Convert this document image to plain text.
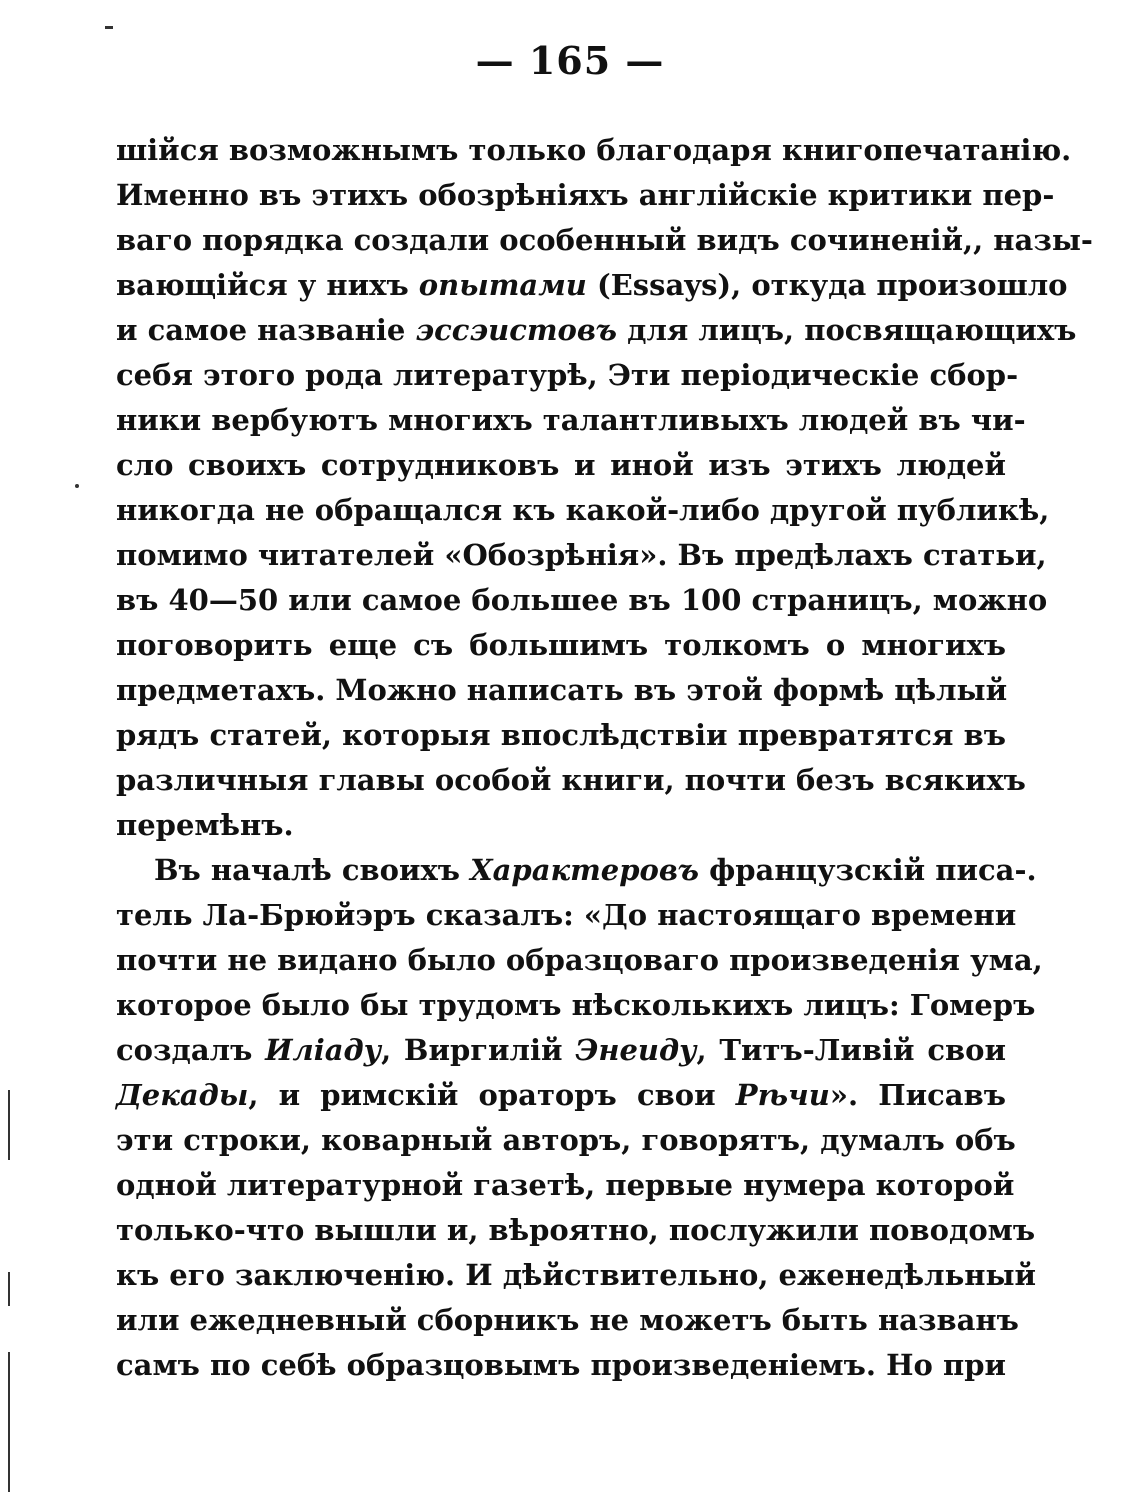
— 165 —
шійся возможнымъ только благодаря книгопечатанію.
Именно въ этихъ обозрѣніяхъ англійскіе критики пер-
ваго порядка создали особенный видъ сочиненій,, назы-
вающійся у нихъ опытами (Essays), откуда произошло
и самое названіе эссэистовъ для лицъ, посвящающихъ
себя этого рода литературѣ, Эти періодическіе сбор-
ники вербуютъ многихъ талантливыхъ людей въ чи-
сло своихъ сотрудниковъ и иной изъ этихъ людей
никогда не обращался къ какой-либо другой публикѣ,
помимо читателей «Обозрѣнія». Въ предѣлахъ статьи,
въ 40—50 или самое большее въ 100 страницъ, можно
поговорить еще съ большимъ толкомъ о многихъ
предметахъ. Можно написать въ этой формѣ цѣлый
рядъ статей, которыя впослѣдствіи превратятся въ
различныя главы особой книги, почти безъ всякихъ
перемѣнъ.
Въ началѣ своихъ Характеровъ французскій писа-.
тель Ла-Брюйэръ сказалъ: «До настоящаго времени
почти не видано было образцоваго произведенія ума,
которое было бы трудомъ нѣсколькихъ лицъ: Гомеръ
создалъ Иліаду, Виргилій Энеиду, Титъ-Ливій свои
Декады, и римскій ораторъ свои Рѣчи». Писавъ
эти строки, коварный авторъ, говорятъ, думалъ объ
одной литературной газетѣ, первые нумера которой
только-что вышли и, вѣроятно, послужили поводомъ
къ его заключенію. И дѣйствительно, еженедѣльный
или ежедневный сборникъ не можетъ быть названъ
самъ по себѣ образцовымъ произведеніемъ. Но при
